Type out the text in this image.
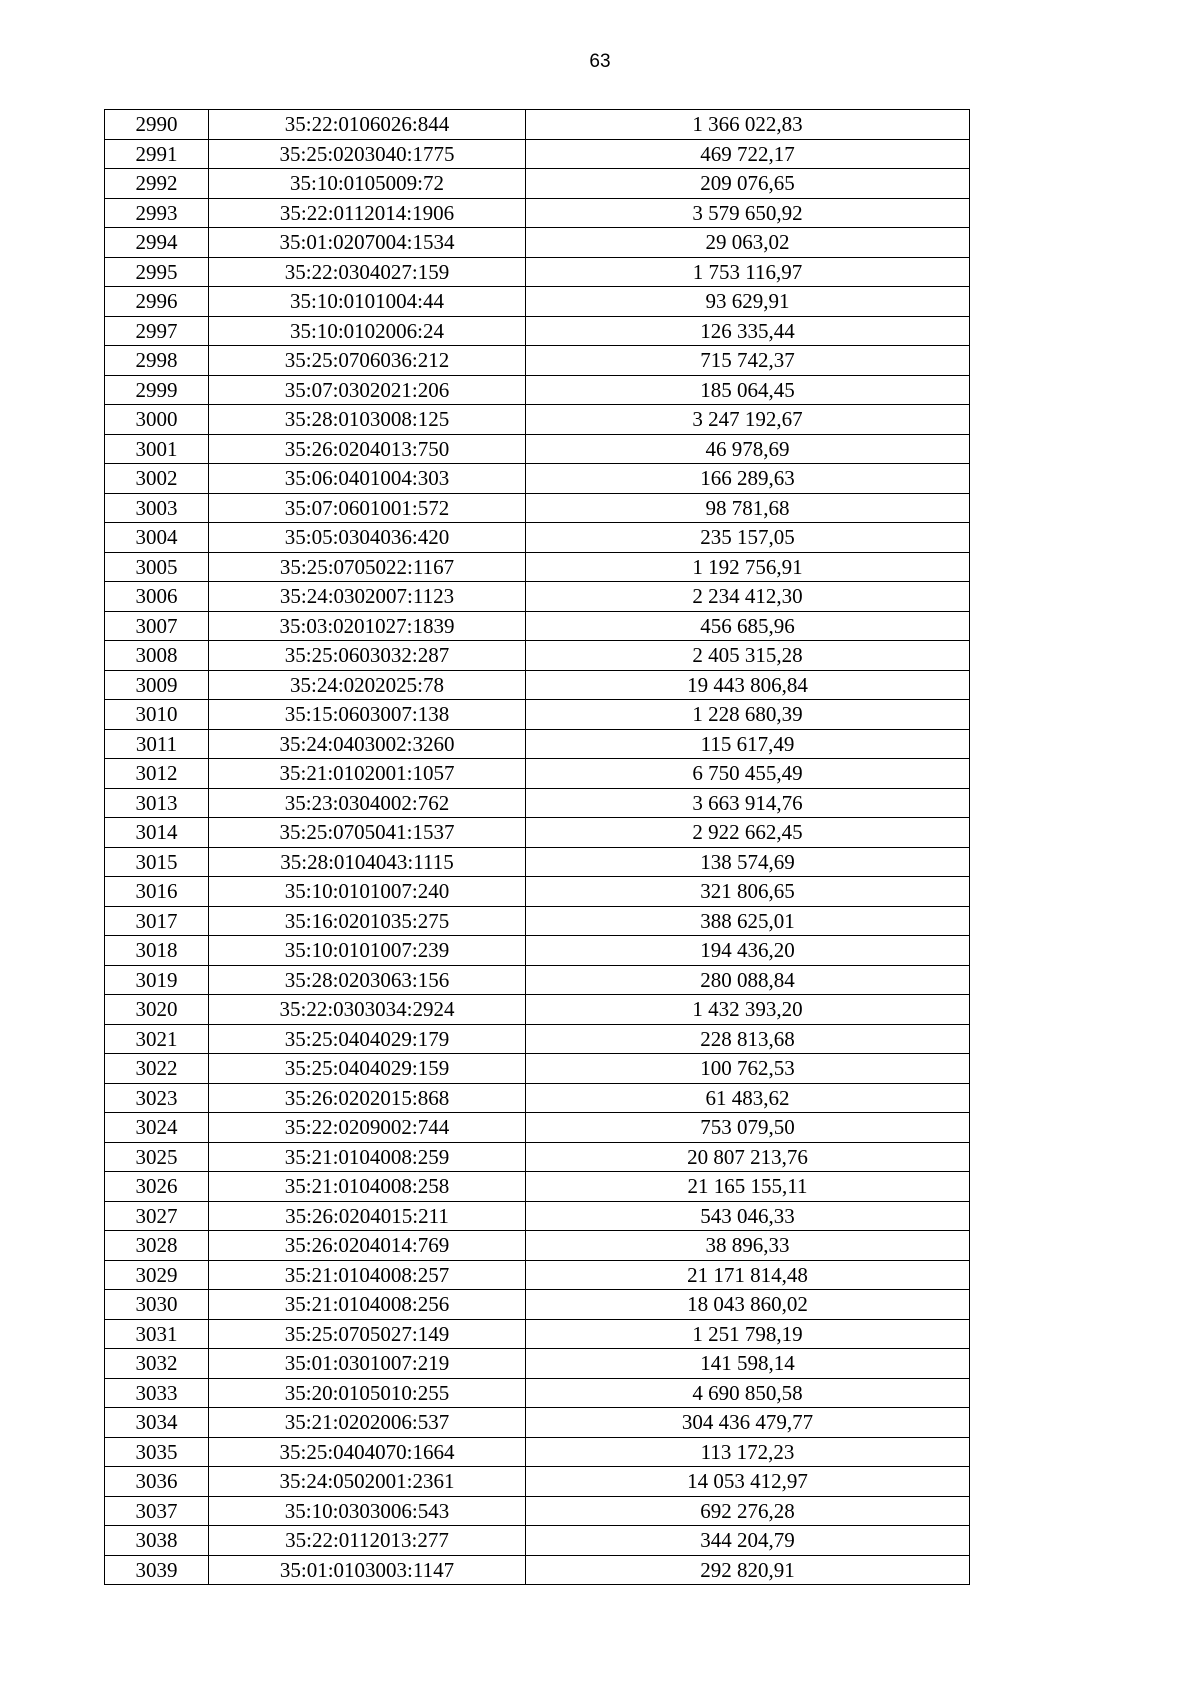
63
2990	35:22:0106026:844	1 366 022,83
2991	35:25:0203040:1775	469 722,17
2992	35:10:0105009:72	209 076,65
2993	35:22:0112014:1906	3 579 650,92
2994	35:01:0207004:1534	29 063,02
2995	35:22:0304027:159	1 753 116,97
2996	35:10:0101004:44	93 629,91
2997	35:10:0102006:24	126 335,44
2998	35:25:0706036:212	715 742,37
2999	35:07:0302021:206	185 064,45
3000	35:28:0103008:125	3 247 192,67
3001	35:26:0204013:750	46 978,69
3002	35:06:0401004:303	166 289,63
3003	35:07:0601001:572	98 781,68
3004	35:05:0304036:420	235 157,05
3005	35:25:0705022:1167	1 192 756,91
3006	35:24:0302007:1123	2 234 412,30
3007	35:03:0201027:1839	456 685,96
3008	35:25:0603032:287	2 405 315,28
3009	35:24:0202025:78	19 443 806,84
3010	35:15:0603007:138	1 228 680,39
3011	35:24:0403002:3260	115 617,49
3012	35:21:0102001:1057	6 750 455,49
3013	35:23:0304002:762	3 663 914,76
3014	35:25:0705041:1537	2 922 662,45
3015	35:28:0104043:1115	138 574,69
3016	35:10:0101007:240	321 806,65
3017	35:16:0201035:275	388 625,01
3018	35:10:0101007:239	194 436,20
3019	35:28:0203063:156	280 088,84
3020	35:22:0303034:2924	1 432 393,20
3021	35:25:0404029:179	228 813,68
3022	35:25:0404029:159	100 762,53
3023	35:26:0202015:868	61 483,62
3024	35:22:0209002:744	753 079,50
3025	35:21:0104008:259	20 807 213,76
3026	35:21:0104008:258	21 165 155,11
3027	35:26:0204015:211	543 046,33
3028	35:26:0204014:769	38 896,33
3029	35:21:0104008:257	21 171 814,48
3030	35:21:0104008:256	18 043 860,02
3031	35:25:0705027:149	1 251 798,19
3032	35:01:0301007:219	141 598,14
3033	35:20:0105010:255	4 690 850,58
3034	35:21:0202006:537	304 436 479,77
3035	35:25:0404070:1664	113 172,23
3036	35:24:0502001:2361	14 053 412,97
3037	35:10:0303006:543	692 276,28
3038	35:22:0112013:277	344 204,79
3039	35:01:0103003:1147	292 820,91
